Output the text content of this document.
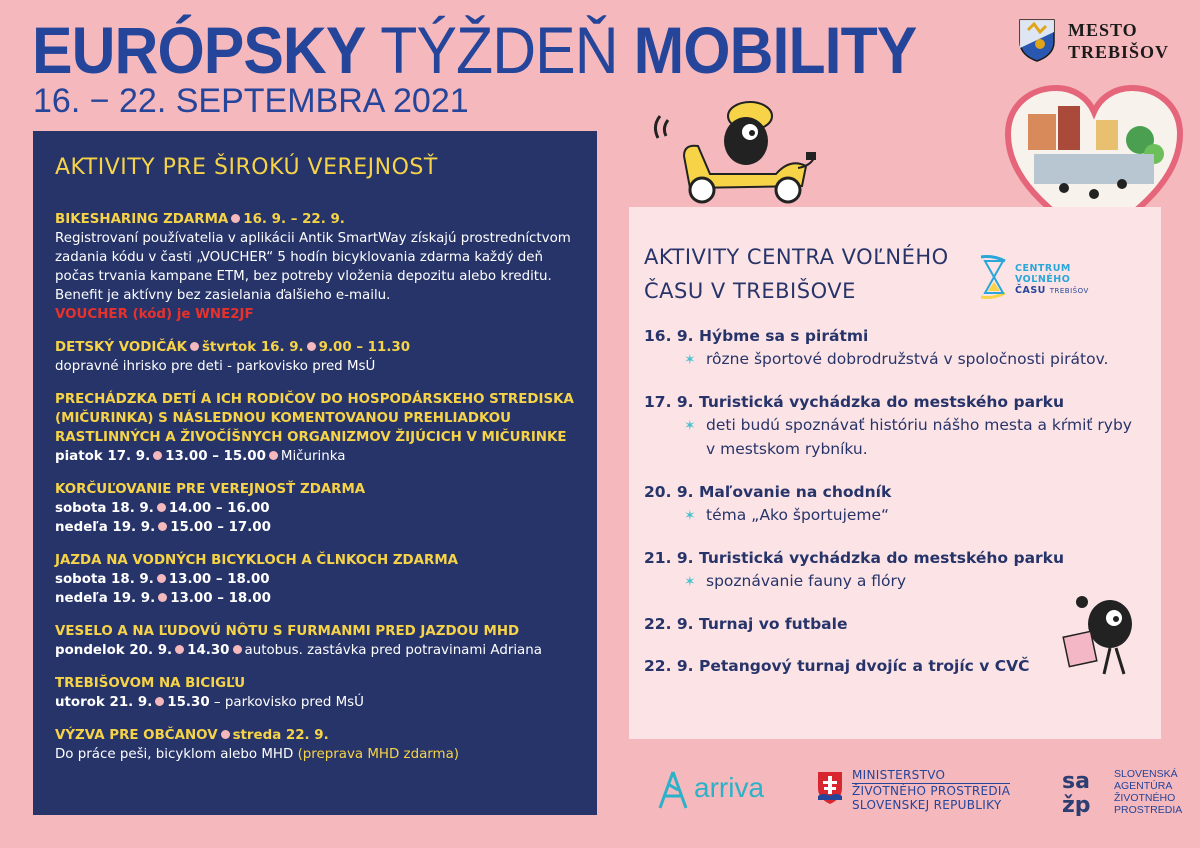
EURÓPSKY TÝŽDEŇ MOBILITY
16. − 22. SEPTEMBRA 2021
MESTO
TREBIŠOV
AKTIVITY PRE ŠIROKÚ VEREJNOSŤ
BIKESHARING ZDARMA 16. 9. – 22. 9.
Registrovaní používatelia v aplikácii Antik SmartWay získajú prostredníctvom zadania kódu v časti „VOUCHER“ 5 hodín bicyklovania zdarma každý deň počas trvania kampane ETM, bez potreby vloženia depozitu alebo kreditu. Benefit je aktívny bez zasielania ďalšieho e-mailu.
VOUCHER (kód) je WNE2JF
DETSKÝ VODIČÁK štvrtok 16. 9. 9.00 – 11.30
dopravné ihrisko pre deti - parkovisko pred MsÚ
PRECHÁDZKA DETÍ A ICH RODIČOV DO HOSPODÁRSKEHO STREDISKA (MIČURINKA) S NÁSLEDNOU KOMENTOVANOU PREHLIADKOU RASTLINNÝCH A ŽIVOČÍŠNYCH ORGANIZMOV ŽIJÚCICH V MIČURINKE
piatok 17. 9. 13.00 – 15.00 Mičurinka
KORČUĽOVANIE PRE VEREJNOSŤ ZDARMA
sobota 18. 9. 14.00 – 16.00
nedeľa 19. 9. 15.00 – 17.00
JAZDA NA VODNÝCH BICYKLOCH A ČLNKOCH ZDARMA
sobota 18. 9. 13.00 – 18.00
nedeľa 19. 9. 13.00 – 18.00
VESELO A NA ĽUDOVÚ NÔTU S FURMANMI PRED JAZDOU MHD
pondelok 20. 9. 14.30 autobus. zastávka pred potravinami Adriana
TREBIŠOVOM NA BICIGĽU
utorok 21. 9. 15.30 – parkovisko pred MsÚ
VÝZVA PRE OBČANOV streda 22. 9.
Do práce peši, bicyklom alebo MHD (preprava MHD zdarma)
AKTIVITY CENTRA VOĽNÉHO
ČASU V TREBIŠOVE
CENTRUM
VOĽNÉHO
ČASU TREBIŠOV
16. 9. Hýbme sa s pirátmi
✶ rôzne športové dobrodružstvá v spoločnosti pirátov.
17. 9. Turistická vychádzka do mestského parku
✶ deti budú spoznávať históriu nášho mesta a kŕmiť ryby
v mestskom rybníku.
20. 9. Maľovanie na chodník
✶ téma „Ako športujeme“
21. 9. Turistická vychádzka do mestského parku
✶ spoznávanie fauny a flóry
22. 9. Turnaj vo futbale
22. 9. Petangový turnaj dvojíc a trojíc v CVČ
arriva	MINISTERSTVO
ŽIVOTNÉHO PROSTREDIA
SLOVENSKEJ REPUBLIKY
sa
žp
SLOVENSKÁ
AGENTÚRA
ŽIVOTNÉHO
PROSTREDIA
